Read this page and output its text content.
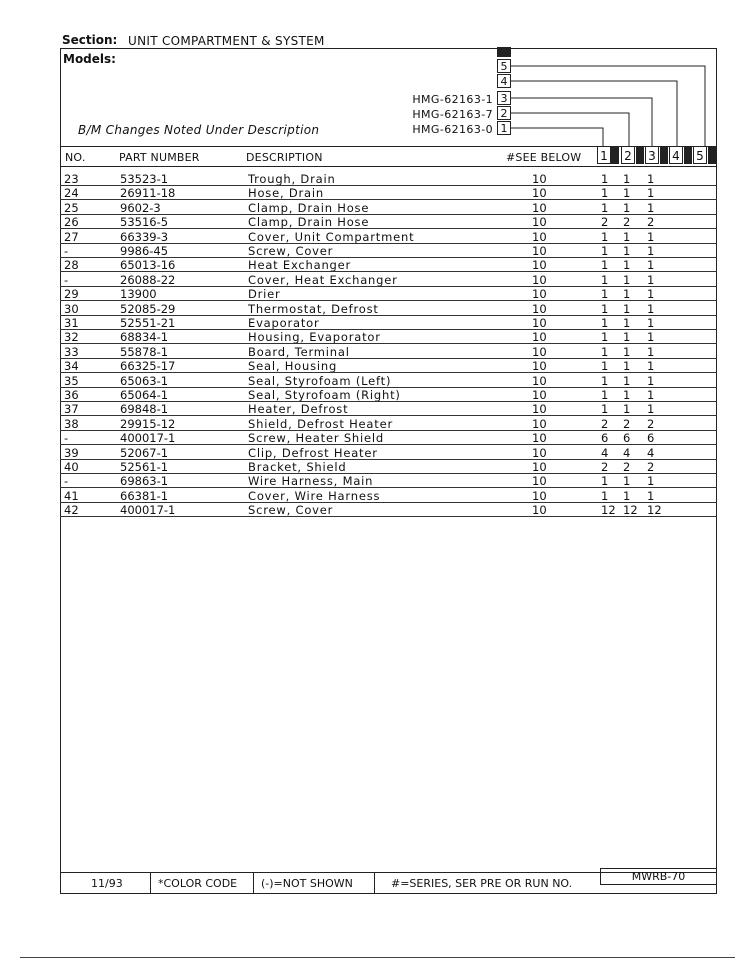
Section: UNIT COMPARTMENT & SYSTEM
Models:
B/M Changes Noted Under Description
HMG-62163-1
HMG-62163-7
HMG-62163-0
5
4
3
2
1
NO.	PART NUMBER	DESCRIPTION	#SEE BELOW 1 2 3 4 5
23	53523-1	Trough, Drain	10	1 1 1
24	26911-18	Hose, Drain	10	1 1 1
25	9602-3	Clamp, Drain Hose	10	1 1 1
26	53516-5	Clamp, Drain Hose	10	2 2 2
27	66339-3	Cover, Unit Compartment	10	1 1 1
-	9986-45	Screw, Cover	10	1 1 1
28	65013-16	Heat Exchanger	10	1 1 1
-	26088-22	Cover, Heat Exchanger	10	1 1 1
29	13900	Drier	10	1 1 1
30	52085-29	Thermostat, Defrost	10	1 1 1
31	52551-21	Evaporator	10	1 1 1
32	68834-1	Housing, Evaporator	10	1 1 1
33	55878-1	Board, Terminal	10	1 1 1
34	66325-17	Seal, Housing	10	1 1 1
35	65063-1	Seal, Styrofoam (Left)	10	1 1 1
36	65064-1	Seal, Styrofoam (Right)	10	1 1 1
37	69848-1	Heater, Defrost	10	1 1 1
38	29915-12	Shield, Defrost Heater	10	2 2 2
-	400017-1	Screw, Heater Shield	10	6 6 6
39	52067-1	Clip, Defrost Heater	10	4 4 4
40	52561-1	Bracket, Shield	10	2 2 2
-	69863-1	Wire Harness, Main	10	1 1 1
41	66381-1	Cover, Wire Harness	10	1 1 1
42	400017-1	Screw, Cover	10	12 12 12
11/93	*COLOR CODE (-)=NOT SHOWN	#=SERIES, SER PRE OR RUN NO.
MWRB-70
